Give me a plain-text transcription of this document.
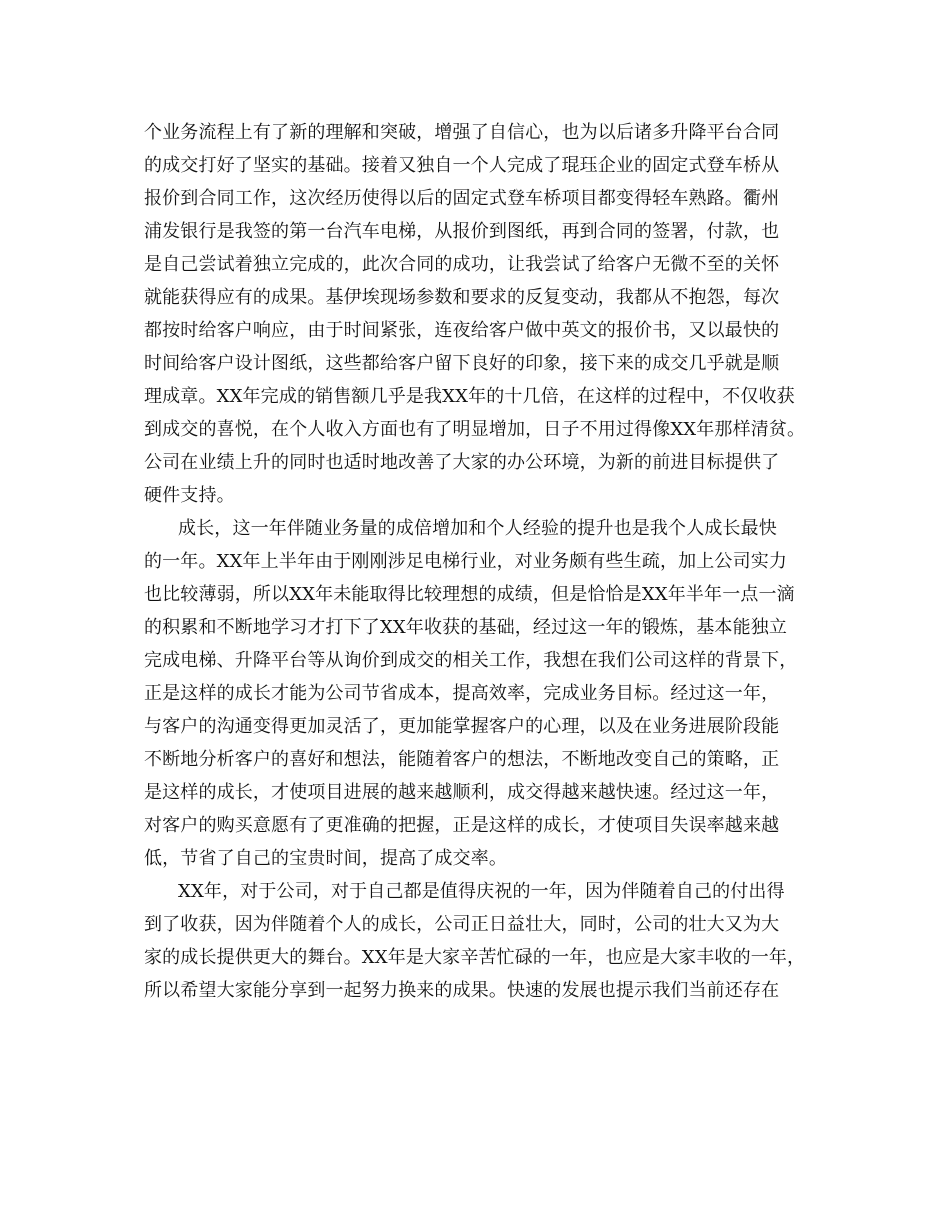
个业务流程上有了新的理解和突破，增强了自信心，也为以后诸多升降平台合同
的成交打好了坚实的基础。接着又独自一个人完成了琨珏企业的固定式登车桥从
报价到合同工作，这次经历使得以后的固定式登车桥项目都变得轻车熟路。衢州
浦发银行是我签的第一台汽车电梯，从报价到图纸，再到合同的签署，付款，也
是自己尝试着独立完成的，此次合同的成功，让我尝试了给客户无微不至的关怀
就能获得应有的成果。基伊埃现场参数和要求的反复变动，我都从不抱怨，每次
都按时给客户响应，由于时间紧张，连夜给客户做中英文的报价书，又以最快的
时间给客户设计图纸，这些都给客户留下良好的印象，接下来的成交几乎就是顺
理成章。XX年完成的销售额几乎是我XX年的十几倍，在这样的过程中，不仅收获
到成交的喜悦，在个人收入方面也有了明显增加，日子不用过得像XX年那样清贫。
公司在业绩上升的同时也适时地改善了大家的办公环境，为新的前进目标提供了
硬件支持。
成长，这一年伴随业务量的成倍增加和个人经验的提升也是我个人成长最快
的一年。XX年上半年由于刚刚涉足电梯行业，对业务颇有些生疏，加上公司实力
也比较薄弱，所以XX年未能取得比较理想的成绩，但是恰恰是XX年半年一点一滴
的积累和不断地学习才打下了XX年收获的基础，经过这一年的锻炼，基本能独立
完成电梯、升降平台等从询价到成交的相关工作，我想在我们公司这样的背景下，
正是这样的成长才能为公司节省成本，提高效率，完成业务目标。经过这一年，
与客户的沟通变得更加灵活了，更加能掌握客户的心理，以及在业务进展阶段能
不断地分析客户的喜好和想法，能随着客户的想法，不断地改变自己的策略，正
是这样的成长，才使项目进展的越来越顺利，成交得越来越快速。经过这一年，
对客户的购买意愿有了更准确的把握，正是这样的成长，才使项目失误率越来越
低，节省了自己的宝贵时间，提高了成交率。
XX年，对于公司，对于自己都是值得庆祝的一年，因为伴随着自己的付出得
到了收获，因为伴随着个人的成长，公司正日益壮大，同时，公司的壮大又为大
家的成长提供更大的舞台。XX年是大家辛苦忙碌的一年，也应是大家丰收的一年，
所以希望大家能分享到一起努力换来的成果。快速的发展也提示我们当前还存在
